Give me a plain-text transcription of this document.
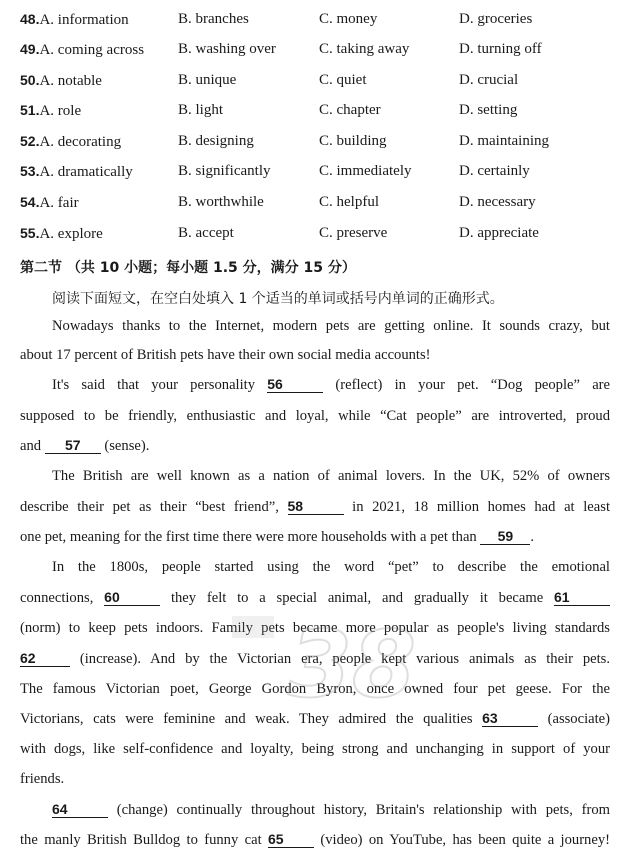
48.A. information	B. branches	C. money	D. groceries
49.A. coming across B. washing over	C. taking away	D. turning off
50.A. notable	B. unique	C. quiet	D. crucial
51.A. role	B. light	C. chapter	D. setting
52.A. decorating	B. designing	C. building	D. maintaining
53.A. dramatically	B. significantly	C. immediately	D. certainly
54.A. fair	B. worthwhile	C. helpful	D. necessary
55.A. explore	B. accept	C. preserve	D. appreciate
第二节 （共 10 小题；每小题 1.5 分，满分 15 分）
阅读下面短文，在空白处填入 1 个适当的单词或括号内单词的正确形式。
Nowadays thanks to the Internet, modern pets are getting online. It sounds crazy, but
about 17 percent of British pets have their own social media accounts!
It's said that your personality 56	(reflect) in your pet. “Dog people” are
supposed to be friendly, enthusiastic and loyal, while “Cat people” are introverted, proud
and 57 (sense).
The British are well known as a nation of animal lovers. In the UK, 52% of owners
describe their pet as their “best friend”, 58	in 2021, 18 million homes had at least
one pet, meaning for the first time there were more households with a pet than 59 .
In the 1800s, people started using the word “pet” to describe the emotional
connections, 60	they felt to a special animal, and gradually it became 61
(norm) to keep pets indoors. Family pets became more popular as people's living standards
62 (increase). And by the Victorian era, people kept various animals as their pets.
The famous Victorian poet, George Gordon Byron, once owned four pet geese. For the
Victorians, cats were feminine and weak. They admired the qualities 63	(associate)
with dogs, like self-confidence and loyalty, being strong and unchanging in support of your
friends.
64	(change) continually throughout history, Britain's relationship with pets, from
the manly British Bulldog to funny cat 65 (video) on YouTube, has been quite a journey!
38
